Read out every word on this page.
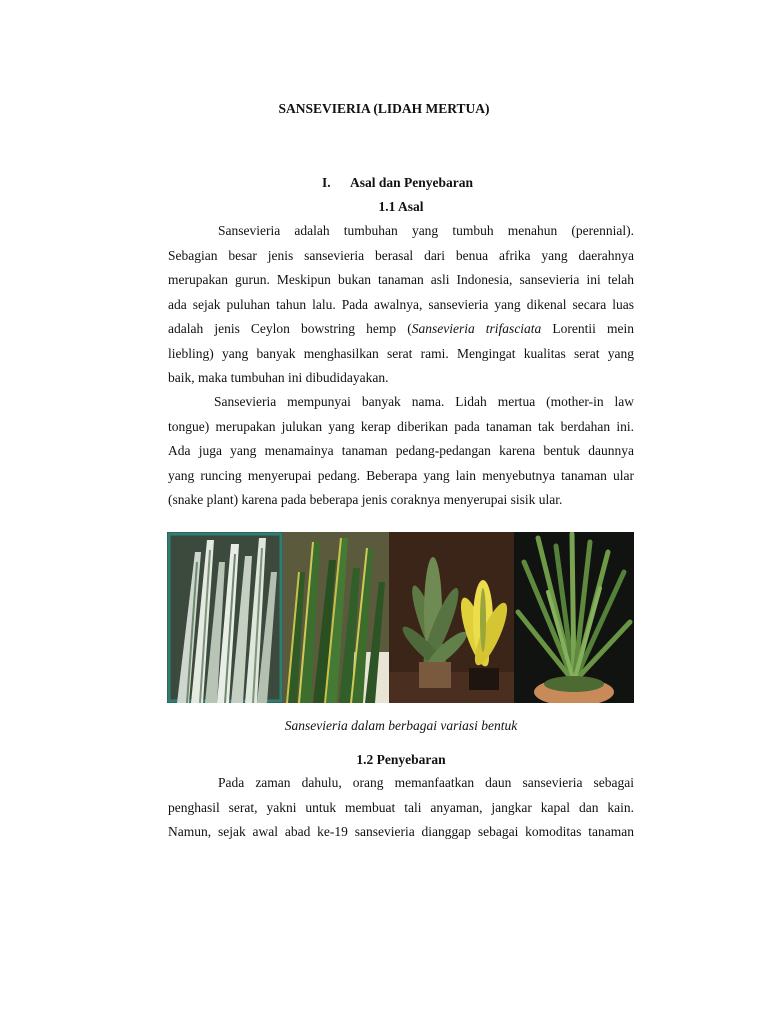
SANSEVIERIA (LIDAH MERTUA)
I. Asal dan Penyebaran
1.1 Asal
Sansevieria adalah tumbuhan yang tumbuh menahun (perennial).
Sebagian besar jenis sansevieria berasal dari benua afrika yang daerahnya
merupakan gurun. Meskipun bukan tanaman asli Indonesia, sansevieria ini telah
ada sejak puluhan tahun lalu. Pada awalnya, sansevieria yang dikenal secara luas
adalah jenis Ceylon bowstring hemp (Sansevieria trifasciata Lorentii mein
liebling) yang banyak menghasilkan serat rami. Mengingat kualitas serat yang
baik, maka tumbuhan ini dibudidayakan.
Sansevieria mempunyai banyak nama. Lidah mertua (mother-in law
tongue) merupakan julukan yang kerap diberikan pada tanaman tak berdahan ini.
Ada juga yang menamainya tanaman pedang-pedangan karena bentuk daunnya
yang runcing menyerupai pedang. Beberapa yang lain menyebutnya tanaman ular
(snake plant) karena pada beberapa jenis coraknya menyerupai sisik ular.
Sansevieria dalam berbagai variasi bentuk
1.2 Penyebaran
Pada zaman dahulu, orang memanfaatkan daun sansevieria sebagai
penghasil serat, yakni untuk membuat tali anyaman, jangkar kapal dan kain.
Namun, sejak awal abad ke-19 sansevieria dianggap sebagai komoditas tanaman
